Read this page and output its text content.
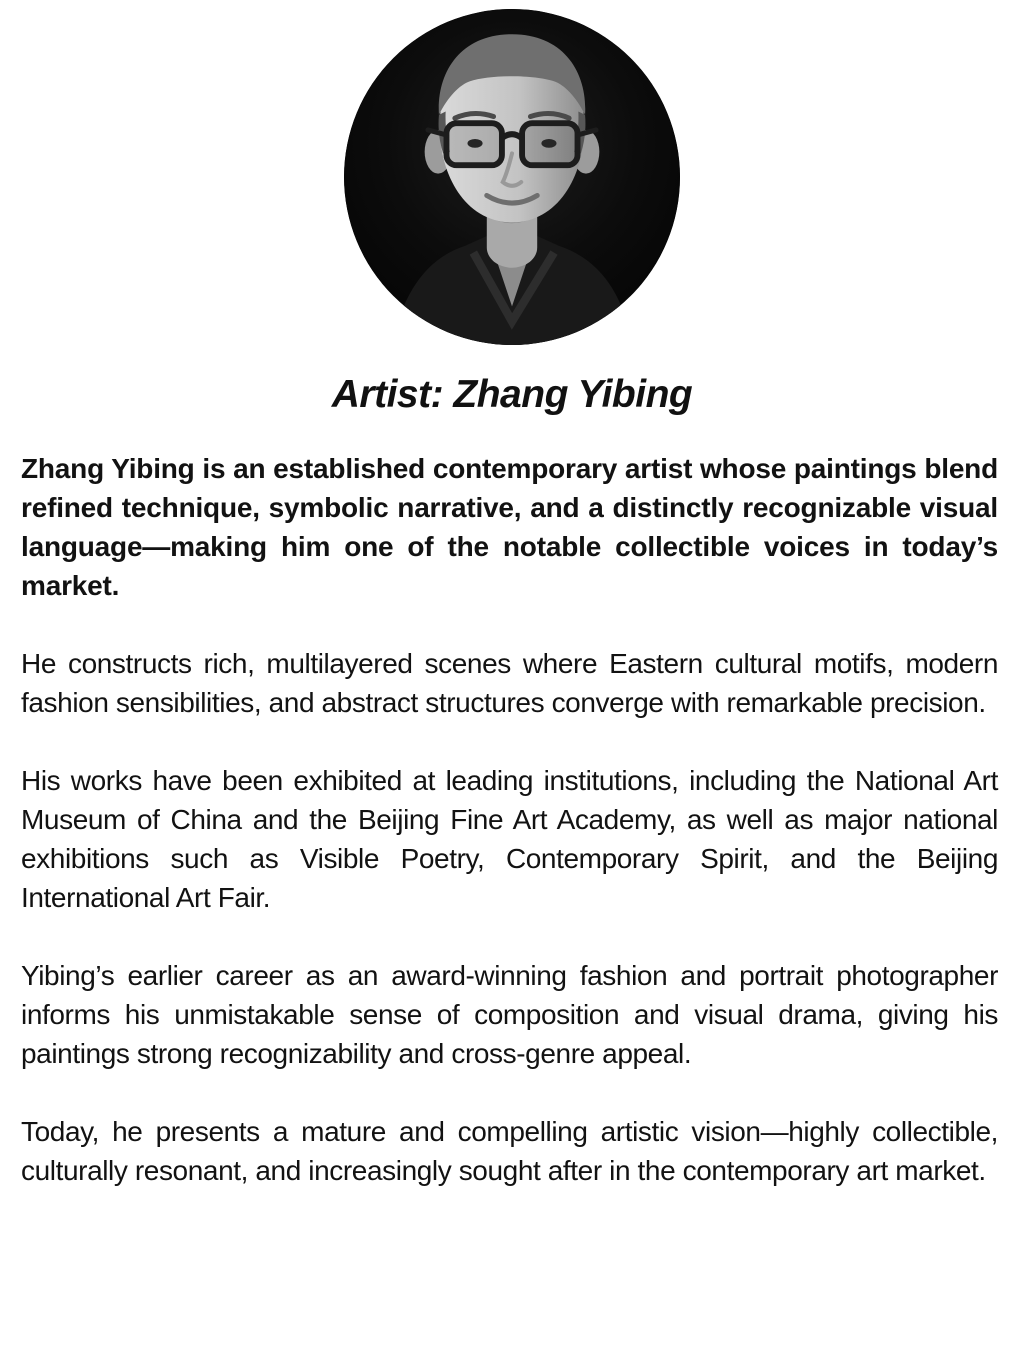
Artist: Zhang Yibing

Zhang Yibing is an established contemporary artist whose paintings blend refined technique, symbolic narrative, and a distinctly recognizable visual language—making him one of the notable collectible voices in today’s market.

He constructs rich, multilayered scenes where Eastern cultural motifs, modern fashion sensibilities, and abstract structures converge with remarkable precision.

His works have been exhibited at leading institutions, including the National Art Museum of China and the Beijing Fine Art Academy, as well as major national exhibitions such as Visible Poetry, Contemporary Spirit, and the Beijing International Art Fair.

Yibing’s earlier career as an award-winning fashion and portrait photographer informs his unmistakable sense of composition and visual drama, giving his paintings strong recognizability and cross-genre appeal.

Today, he presents a mature and compelling artistic vision—highly collectible, culturally resonant, and increasingly sought after in the contemporary art market.
